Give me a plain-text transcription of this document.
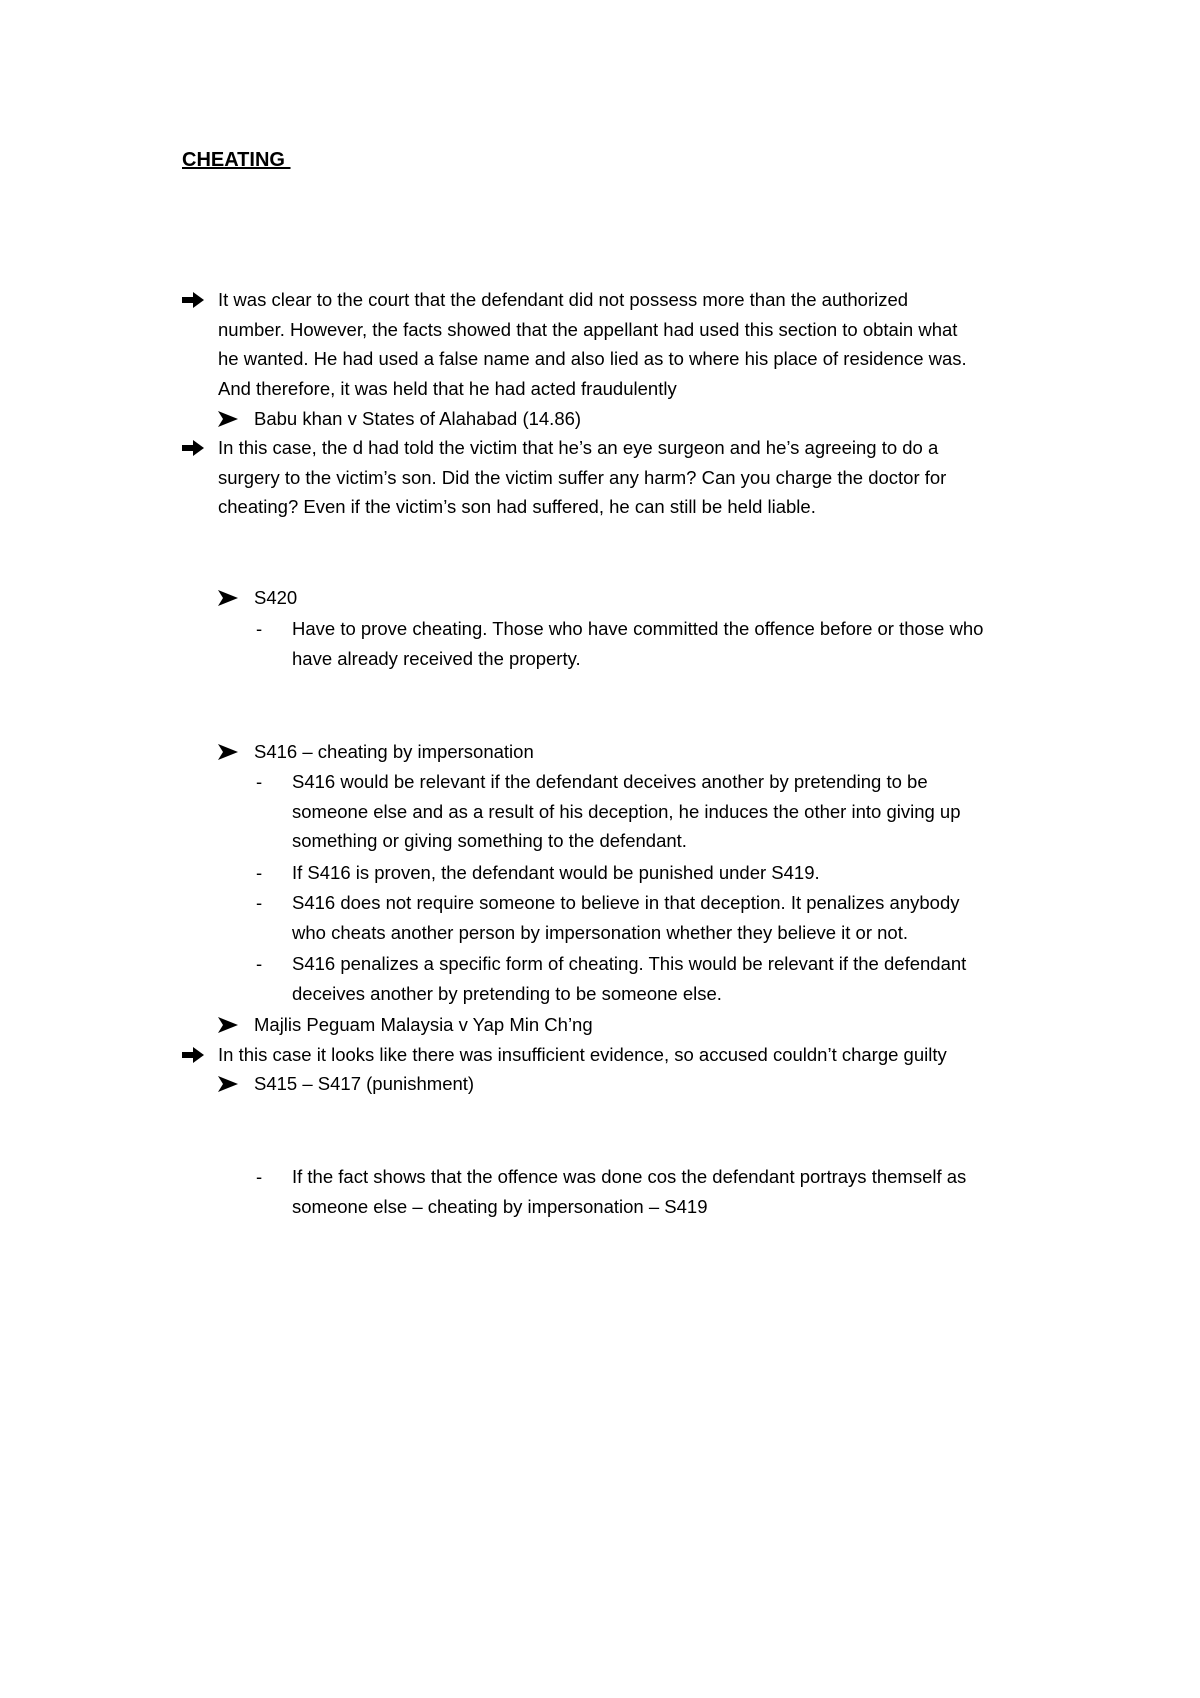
CHEATING
It was clear to the court that the defendant did not possess more than the authorized
number. However, the facts showed that the appellant had used this section to obtain what
he wanted. He had used a false name and also lied as to where his place of residence was.
And therefore, it was held that he had acted fraudulently
Babu khan v States of Alahabad (14.86)
In this case, the d had told the victim that he’s an eye surgeon and he’s agreeing to do a
surgery to the victim’s son. Did the victim suffer any harm? Can you charge the doctor for
cheating? Even if the victim’s son had suffered, he can still be held liable.
S420
- Have to prove cheating. Those who have committed the offence before or those who
have already received the property.
S416 – cheating by impersonation
- S416 would be relevant if the defendant deceives another by pretending to be
someone else and as a result of his deception, he induces the other into giving up
something or giving something to the defendant.
- If S416 is proven, the defendant would be punished under S419.
- S416 does not require someone to believe in that deception. It penalizes anybody
who cheats another person by impersonation whether they believe it or not.
- S416 penalizes a specific form of cheating. This would be relevant if the defendant
deceives another by pretending to be someone else.
Majlis Peguam Malaysia v Yap Min Ch’ng
In this case it looks like there was insufficient evidence, so accused couldn’t charge guilty
S415 – S417 (punishment)
- If the fact shows that the offence was done cos the defendant portrays themself as
someone else – cheating by impersonation – S419
